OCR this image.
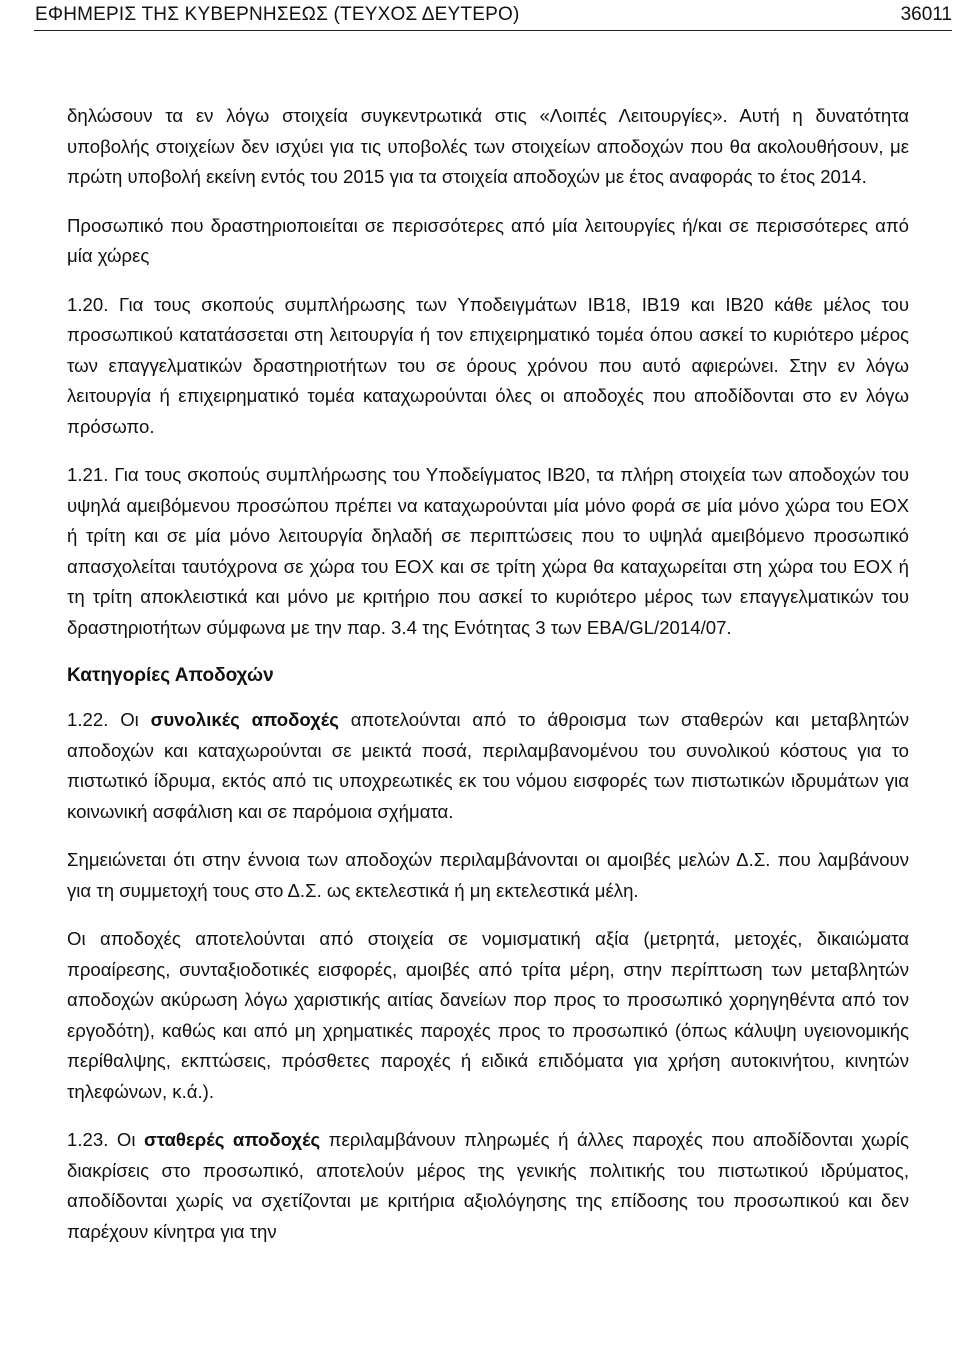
ΕΦΗΜΕΡΙΣ ΤΗΣ ΚΥΒΕΡΝΗΣΕΩΣ (ΤΕΥΧΟΣ ΔΕΥΤΕΡΟ)	36011

δηλώσουν τα εν λόγω στοιχεία συγκεντρωτικά στις «Λοιπές Λειτουργίες». Αυτή η δυνατότητα υποβολής στοιχείων δεν ισχύει για τις υποβολές των στοιχείων αποδοχών που θα ακολουθήσουν, με πρώτη υποβολή εκείνη εντός του 2015 για τα στοιχεία αποδοχών με έτος αναφοράς το έτος 2014.

Προσωπικό που δραστηριοποιείται σε περισσότερες από μία λειτουργίες ή/και σε περισσότερες από μία χώρες

1.20. Για τους σκοπούς συμπλήρωσης των Υποδειγμάτων IB18, IB19 και IB20 κάθε μέλος του προσωπικού κατατάσσεται στη λειτουργία ή τον επιχειρηματικό τομέα όπου ασκεί το κυριότερο μέρος των επαγγελματικών δραστηριοτήτων του σε όρους χρόνου που αυτό αφιερώνει. Στην εν λόγω λειτουργία ή επιχειρηματικό τομέα καταχωρούνται όλες οι αποδοχές που αποδίδονται στο εν λόγω πρόσωπο.

1.21. Για τους σκοπούς συμπλήρωσης του Υποδείγματος IB20, τα πλήρη στοιχεία των αποδοχών του υψηλά αμειβόμενου προσώπου πρέπει να καταχωρούνται μία μόνο φορά σε μία μόνο χώρα του ΕΟΧ ή τρίτη και σε μία μόνο λειτουργία δηλαδή σε περιπτώσεις που το υψηλά αμειβόμενο προσωπικό απασχολείται ταυτόχρονα σε χώρα του ΕΟΧ και σε τρίτη χώρα θα καταχωρείται στη χώρα του ΕΟΧ ή τη τρίτη αποκλειστικά και μόνο με κριτήριο που ασκεί το κυριότερο μέρος των επαγγελματικών του δραστηριοτήτων σύμφωνα με την παρ. 3.4 της Ενότητας 3 των EBA/GL/2014/07.

Κατηγορίες Αποδοχών

1.22. Οι συνολικές αποδοχές αποτελούνται από το άθροισμα των σταθερών και μεταβλητών αποδοχών και καταχωρούνται σε μεικτά ποσά, περιλαμβανομένου του συνολικού κόστους για το πιστωτικό ίδρυμα, εκτός από τις υποχρεωτικές εκ του νόμου εισφορές των πιστωτικών ιδρυμάτων για κοινωνική ασφάλιση και σε παρόμοια σχήματα.

Σημειώνεται ότι στην έννοια των αποδοχών περιλαμβάνονται οι αμοιβές μελών Δ.Σ. που λαμβάνουν για τη συμμετοχή τους στο Δ.Σ. ως εκτελεστικά ή μη εκτελεστικά μέλη.

Οι αποδοχές αποτελούνται από στοιχεία σε νομισματική αξία (μετρητά, μετοχές, δικαιώματα προαίρεσης, συνταξιοδοτικές εισφορές, αμοιβές από τρίτα μέρη, στην περίπτωση των μεταβλητών αποδοχών ακύρωση λόγω χαριστικής αιτίας δανείων πορ προς το προσωπικό χορηγηθέντα από τον εργοδότη), καθώς και από μη χρηματικές παροχές προς το προσωπικό (όπως κάλυψη υγειονομικής περίθαλψης, εκπτώσεις, πρόσθετες παροχές ή ειδικά επιδόματα για χρήση αυτοκινήτου, κινητών τηλεφώνων, κ.ά.).

1.23. Οι σταθερές αποδοχές περιλαμβάνουν πληρωμές ή άλλες παροχές που αποδίδονται χωρίς διακρίσεις στο προσωπικό, αποτελούν μέρος της γενικής πολιτικής του πιστωτικού ιδρύματος, αποδίδονται χωρίς να σχετίζονται με κριτήρια αξιολόγησης της επίδοσης του προσωπικού και δεν παρέχουν κίνητρα για την
